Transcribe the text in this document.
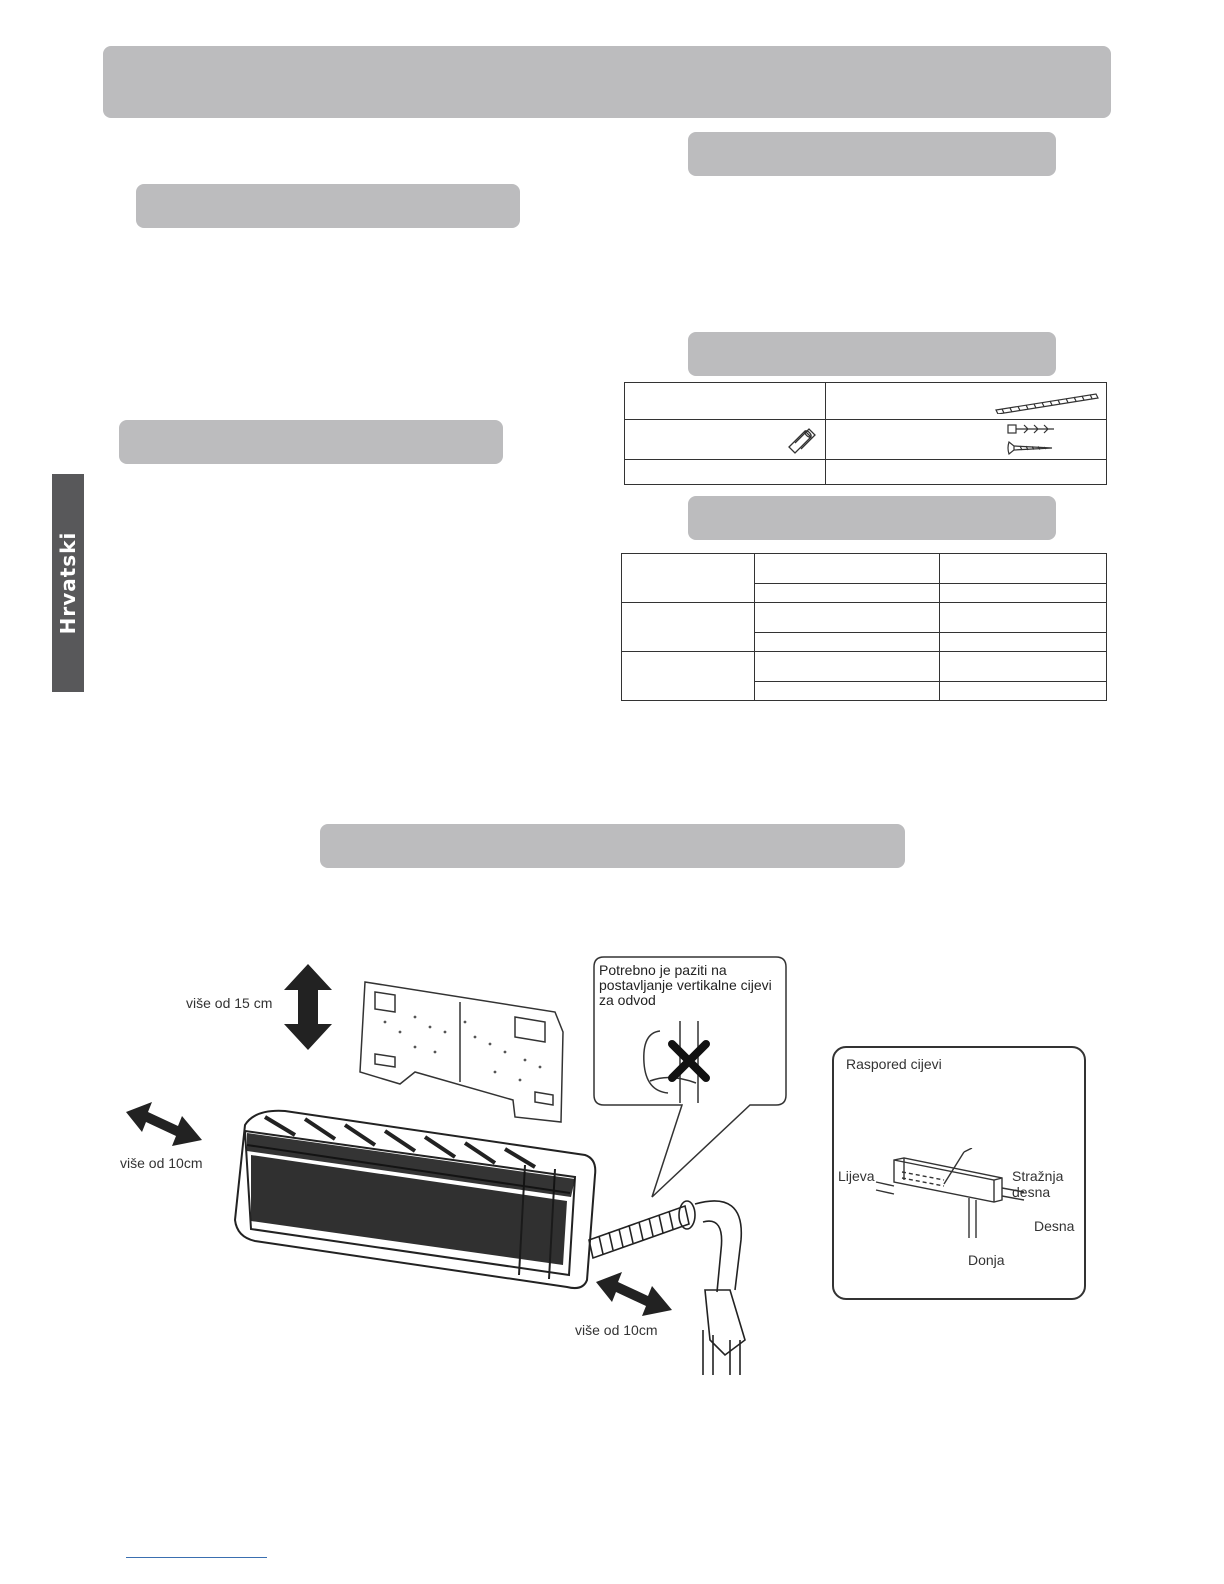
Hrvatski

više od 15 cm
više od 10cm
više od 10cm
Potrebno je paziti na
postavljanje vertikalne cijevi
za odvod
Raspored cijevi
Lijeva	Stražnja
desna
Desna
Donja
